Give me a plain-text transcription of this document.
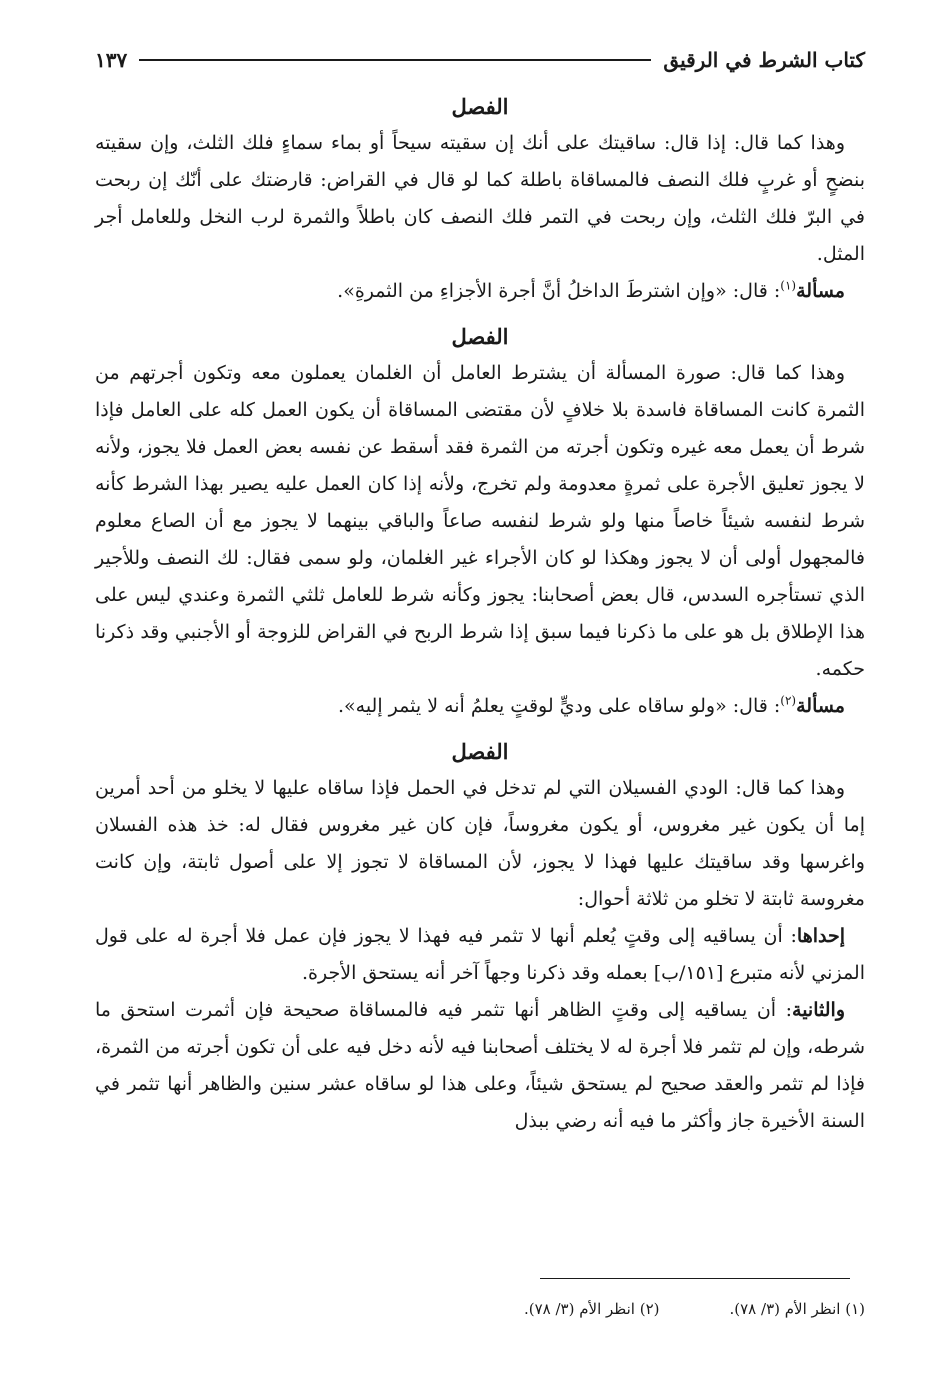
كتاب الشرط في الرقيق
١٣٧
الفصل

وهذا كما قال: إذا قال: ساقيتك على أنك إن سقيته سيحاً أو بماء سماءٍ فلك الثلث، وإن سقيته بنضحٍ أو غربٍ فلك النصف فالمساقاة باطلة كما لو قال في القراض: قارضتك على أنّك إن ربحت في البرّ فلك الثلث، وإن ربحت في التمر فلك النصف كان باطلاً والثمرة لرب النخل وللعامل أجر المثل.

مسألة$^{(١)}$: قال: «وإن اشترطَ الداخلُ أنَّ أجرة الأجزاءِ من الثمرةِ».

الفصل

وهذا كما قال: صورة المسألة أن يشترط العامل أن الغلمان يعملون معه وتكون أجرتهم من الثمرة كانت المساقاة فاسدة بلا خلافٍ لأن مقتضى المساقاة أن يكون العمل كله على العامل فإذا شرط أن يعمل معه غيره وتكون أجرته من الثمرة فقد أسقط عن نفسه بعض العمل فلا يجوز، ولأنه لا يجوز تعليق الأجرة على ثمرةٍ معدومة ولم تخرج، ولأنه إذا كان العمل عليه يصير بهذا الشرط كأنه شرط لنفسه شيئاً خاصاً منها ولو شرط لنفسه صاعاً والباقي بينهما لا يجوز مع أن الصاع معلوم فالمجهول أولى أن لا يجوز وهكذا لو كان الأجراء غير الغلمان، ولو سمى فقال: لك النصف وللأجير الذي تستأجره السدس، قال بعض أصحابنا: يجوز وكأنه شرط للعامل ثلثي الثمرة وعندي ليس على هذا الإطلاق بل هو على ما ذكرنا فيما سبق إذا شرط الربح في القراض للزوجة أو الأجنبي وقد ذكرنا حكمه.

مسألة$^{(٢)}$: قال: «ولو ساقاه على وديٍّ لوقتٍ يعلمُ أنه لا يثمر إليه».

الفصل

وهذا كما قال: الودي الفسيلان التي لم تدخل في الحمل فإذا ساقاه عليها لا يخلو من أحد أمرين إما أن يكون غير مغروس، أو يكون مغروساً، فإن كان غير مغروس فقال له: خذ هذه الفسلان واغرسها وقد ساقيتك عليها فهذا لا يجوز، لأن المساقاة لا تجوز إلا على أصول ثابتة، وإن كانت مغروسة ثابتة لا تخلو من ثلاثة أحوال:

إحداها: أن يساقيه إلى وقتٍ يُعلم أنها لا تثمر فيه فهذا لا يجوز فإن عمل فلا أجرة له على قول المزني لأنه متبرع [١٥١/ب] بعمله وقد ذكرنا وجهاً آخر أنه يستحق الأجرة.

والثانية: أن يساقيه إلى وقتٍ الظاهر أنها تثمر فيه فالمساقاة صحيحة فإن أثمرت استحق ما شرطه، وإن لم تثمر فلا أجرة له لا يختلف أصحابنا فيه لأنه دخل فيه على أن تكون أجرته من الثمرة، فإذا لم تثمر والعقد صحيح لم يستحق شيئاً، وعلى هذا لو ساقاه عشر سنين والظاهر أنها تثمر في السنة الأخيرة جاز وأكثر ما فيه أنه رضي ببذل

(١) انظر الأم (٣/ ٧٨).
(٢) انظر الأم (٣/ ٧٨).
